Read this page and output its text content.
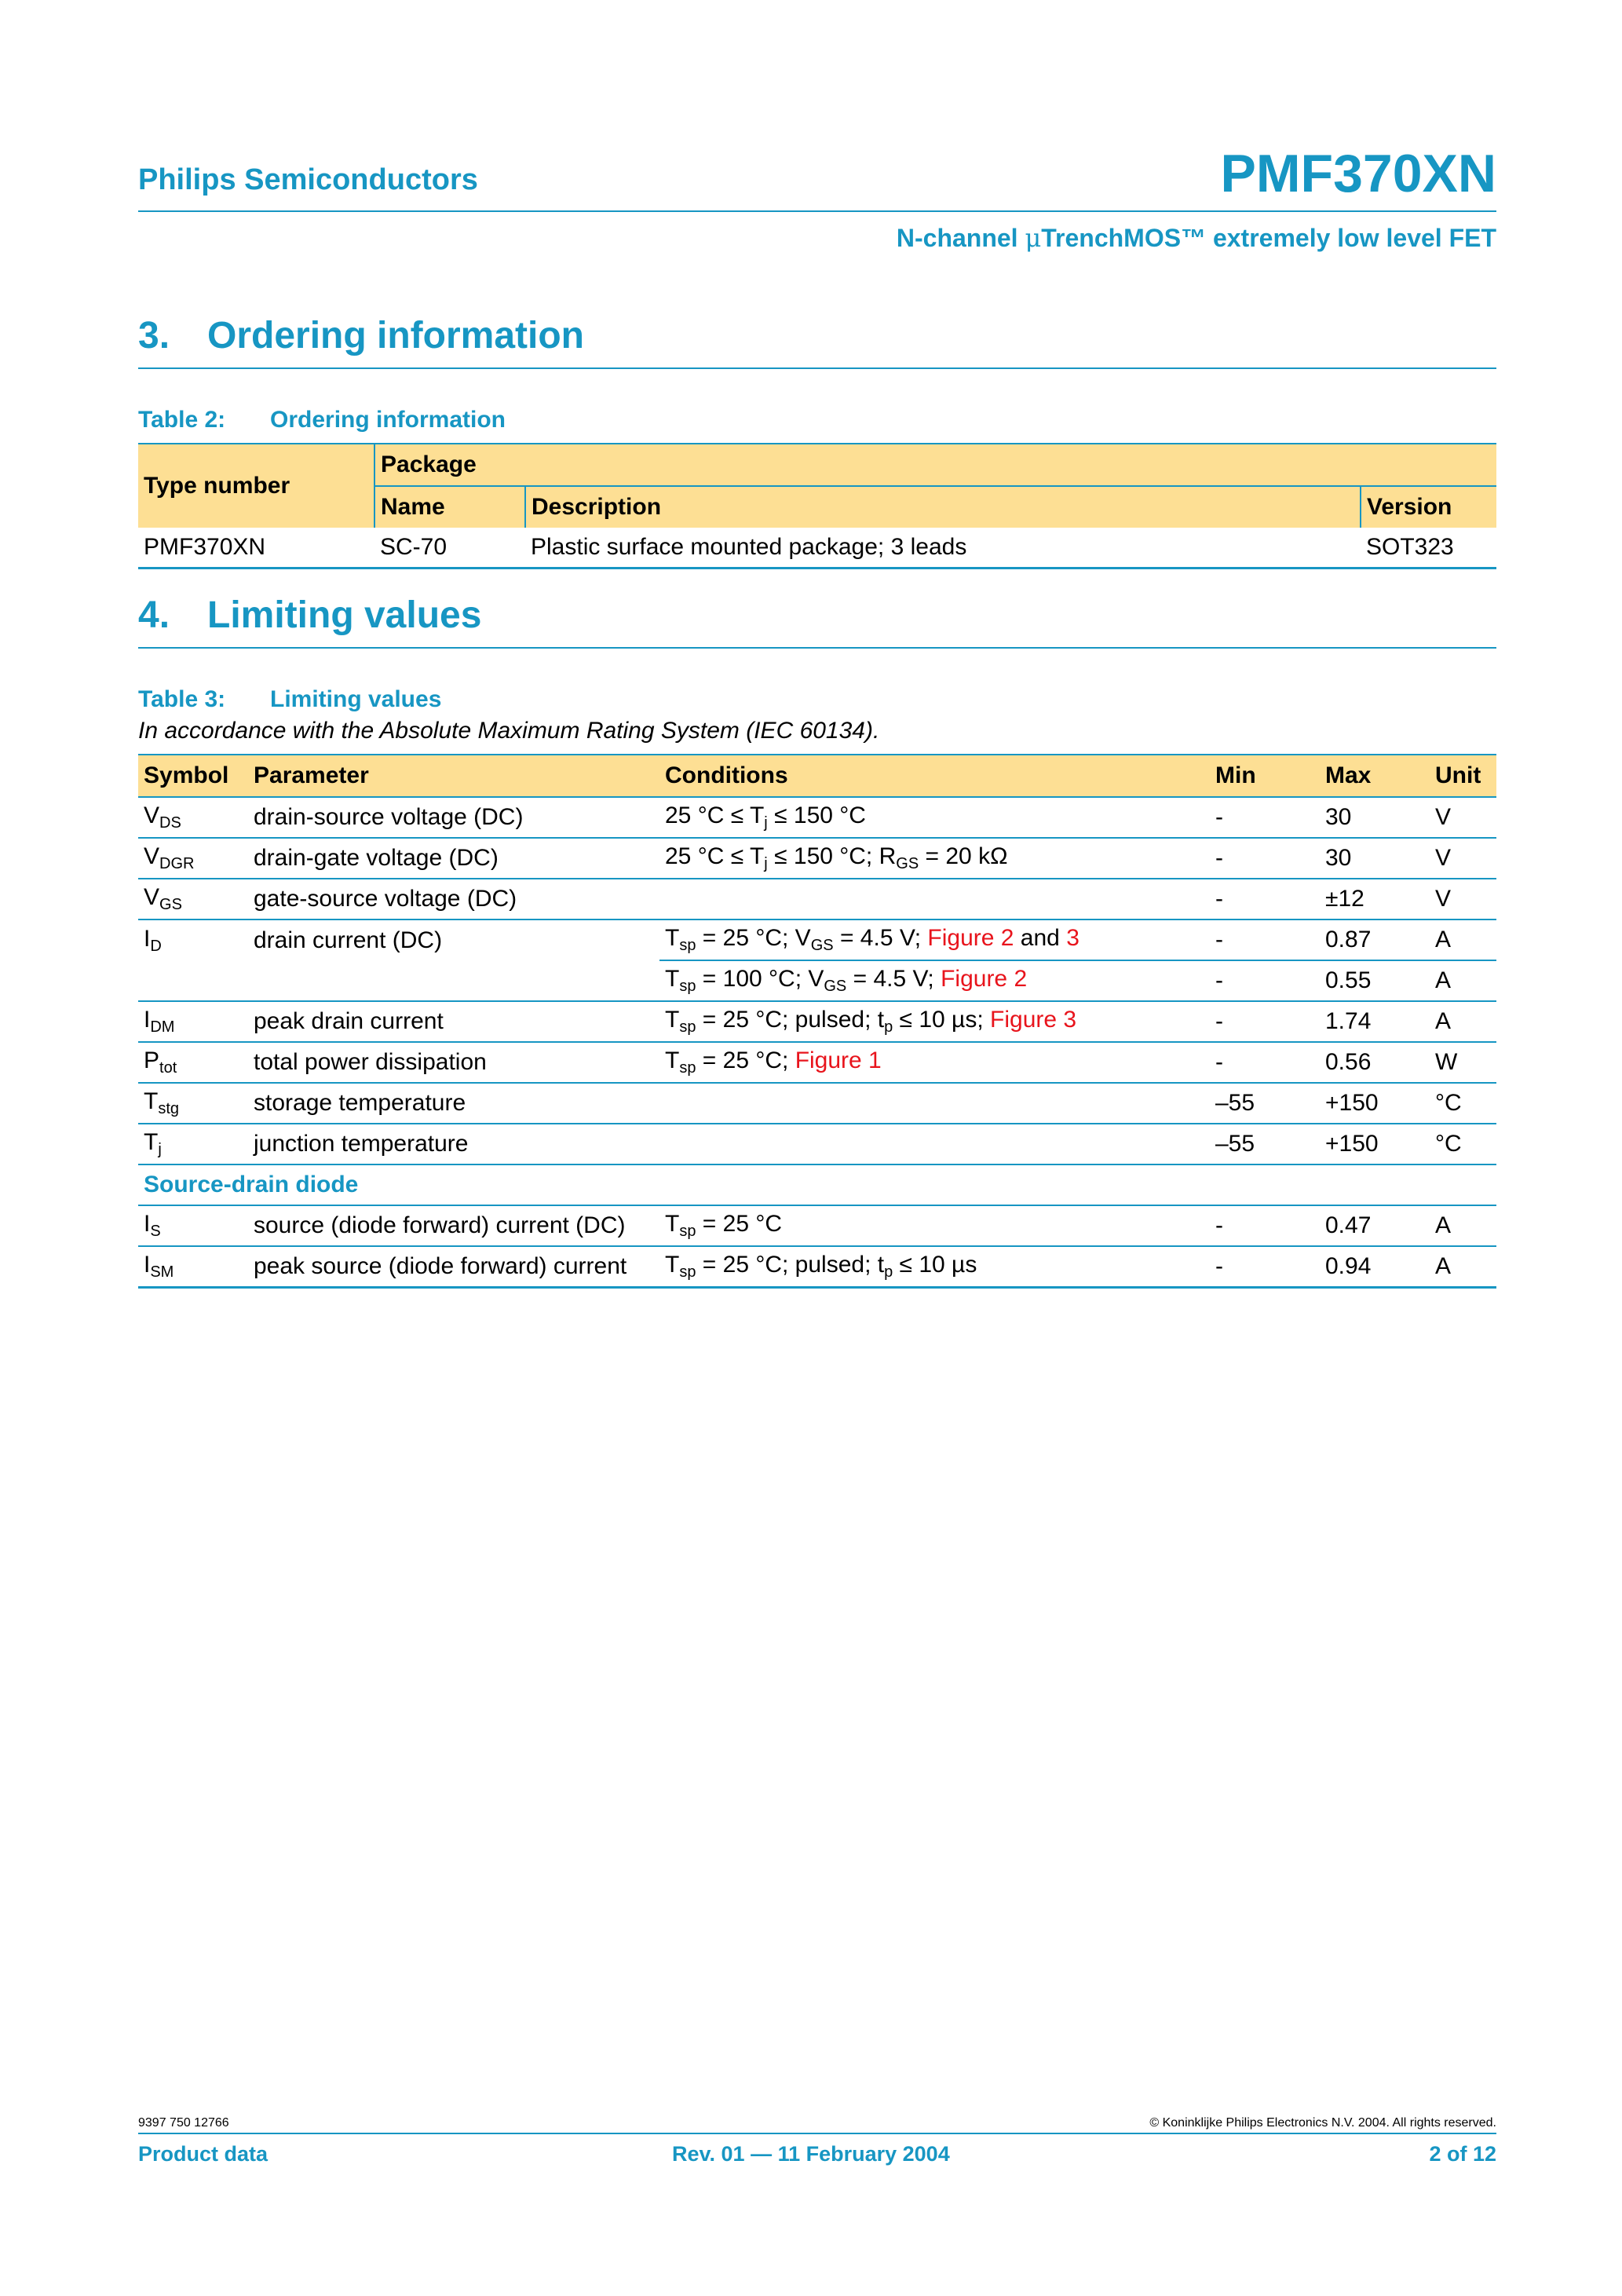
Philips Semiconductors	PMF370XN
N-channel μTrenchMOS™ extremely low level FET
3. Ordering information
Table 2: Ordering information
Type number	Package		
	Name	Description	Version
PMF370XN	SC-70	Plastic surface mounted package; 3 leads	SOT323
4. Limiting values
Table 3: Limiting values
In accordance with the Absolute Maximum Rating System (IEC 60134).
Symbol	Parameter	Conditions	Min	Max	Unit
$V_{DS}$	drain-source voltage (DC)	25 $^\circ C \le T_j \le 150$ °C	-	30	V
$V_{DGR}$	drain-gate voltage (DC)	25 $^\circ C \le T_j \le 150$ °C; $R_{GS} = 20$ kΩ	-	30	V
$V_{GS}$	gate-source voltage (DC)		-	±12	V
$I_D$	drain current (DC)	$T_{sp} = 25$ °C; $V_{GS} = 4.5$ V; Figure 2 and 3	-	0.87	A
		$T_{sp} = 100$ °C; $V_{GS} = 4.5$ V; Figure 2	-	0.55	A
$I_{DM}$	peak drain current	$T_{sp} = 25$ °C; pulsed; $t_p \le 10$ µs; Figure 3	-	1.74	A
$P_{tot}$	total power dissipation	$T_{sp} = 25$ °C; Figure 1	-	0.56	W
$T_{stg}$	storage temperature		–55	+150	°C
$T_j$	junction temperature		–55	+150	°C
Source-drain diode					
$I_S$	source (diode forward) current (DC)	$T_{sp} = 25$ °C	-	0.47	A
$I_{SM}$	peak source (diode forward) current	$T_{sp} = 25$ °C; pulsed; $t_p \le 10$ µs	-	0.94	A
9397 750 12766	© Koninklijke Philips Electronics N.V. 2004. All rights reserved.
Product data	Rev. 01 — 11 February 2004	2 of 12
